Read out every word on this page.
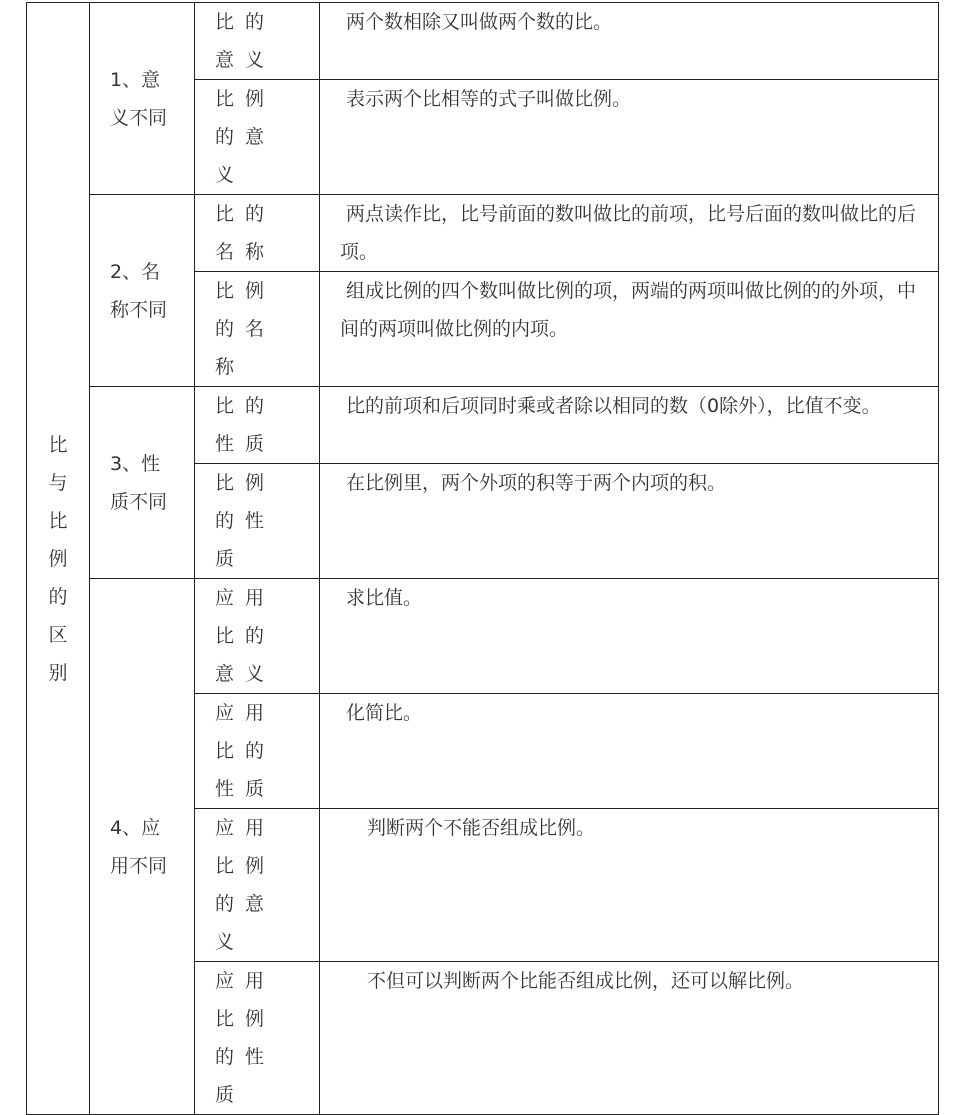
比与比例的区别	1、意义不同	比的意义	两个数相除又叫做两个数的比。
		比例的意义	表示两个比相等的式子叫做比例。
	2、名称不同	比的名称	两点读作比，比号前面的数叫做比的前项，比号后面的数叫做比的后项。
		比例的名称	组成比例的四个数叫做比例的项，两端的两项叫做比例的的外项，中间的两项叫做比例的内项。
	3、性质不同	比的性质	比的前项和后项同时乘或者除以相同的数（0除外），比值不变。
		比例的性质	在比例里，两个外项的积等于两个内项的积。
	4、应用不同	应用比的意义	求比值。
		应用比的性质	化简比。
		应用比例的意义	判断两个不能否组成比例。
		应用比例的性质	不但可以判断两个比能否组成比例，还可以解比例。
